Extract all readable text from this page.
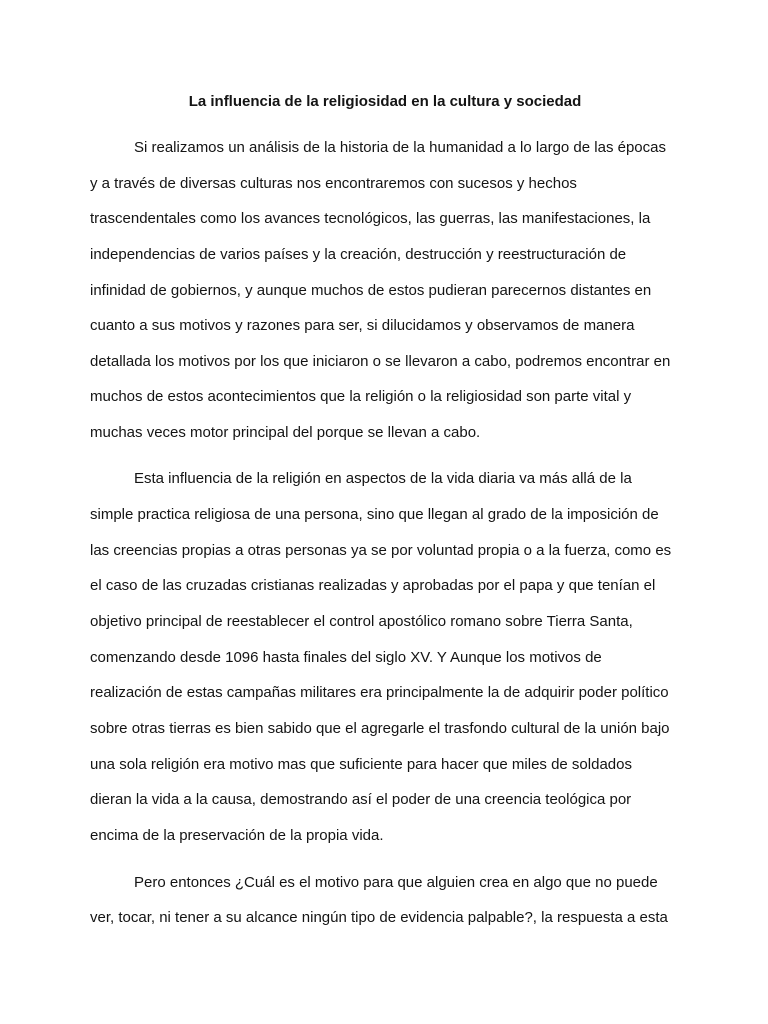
La influencia de la religiosidad en la cultura y sociedad
Si realizamos un análisis de la historia de la humanidad a lo largo de las épocas
y a través de diversas culturas nos encontraremos con sucesos y hechos
trascendentales como los avances tecnológicos, las guerras, las manifestaciones, la
independencias de varios países y la creación, destrucción y reestructuración de
infinidad de gobiernos, y aunque muchos de estos pudieran parecernos distantes en
cuanto a sus motivos y razones para ser, si dilucidamos y observamos de manera
detallada los motivos por los que iniciaron o se llevaron a cabo, podremos encontrar en
muchos de estos acontecimientos que la religión o la religiosidad son parte vital y
muchas veces motor principal del porque se llevan a cabo.
Esta influencia de la religión en aspectos de la vida diaria va más allá de la
simple practica religiosa de una persona, sino que llegan al grado de la imposición de
las creencias propias a otras personas ya se por voluntad propia o a la fuerza, como es
el caso de las cruzadas cristianas realizadas y aprobadas por el papa y que tenían el
objetivo principal de reestablecer el control apostólico romano sobre Tierra Santa,
comenzando desde 1096 hasta finales del siglo XV. Y Aunque los motivos de
realización de estas campañas militares era principalmente la de adquirir poder político
sobre otras tierras es bien sabido que el agregarle el trasfondo cultural de la unión bajo
una sola religión era motivo mas que suficiente para hacer que miles de soldados
dieran la vida a la causa, demostrando así el poder de una creencia teológica por
encima de la preservación de la propia vida.
Pero entonces ¿Cuál es el motivo para que alguien crea en algo que no puede
ver, tocar, ni tener a su alcance ningún tipo de evidencia palpable?, la respuesta a esta
